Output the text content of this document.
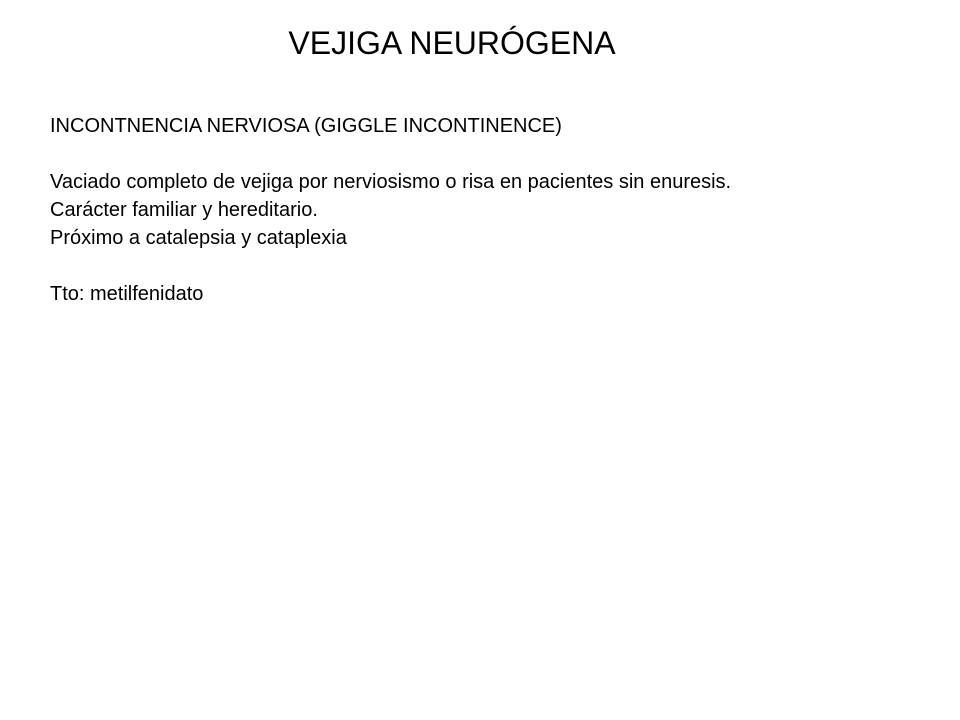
VEJIGA NEURÓGENA

INCONTNENCIA NERVIOSA (GIGGLE INCONTINENCE)

Vaciado completo de vejiga por nerviosismo o risa en pacientes sin enuresis.

Carácter familiar y hereditario.

Próximo a catalepsia y cataplexia

Tto: metilfenidato
